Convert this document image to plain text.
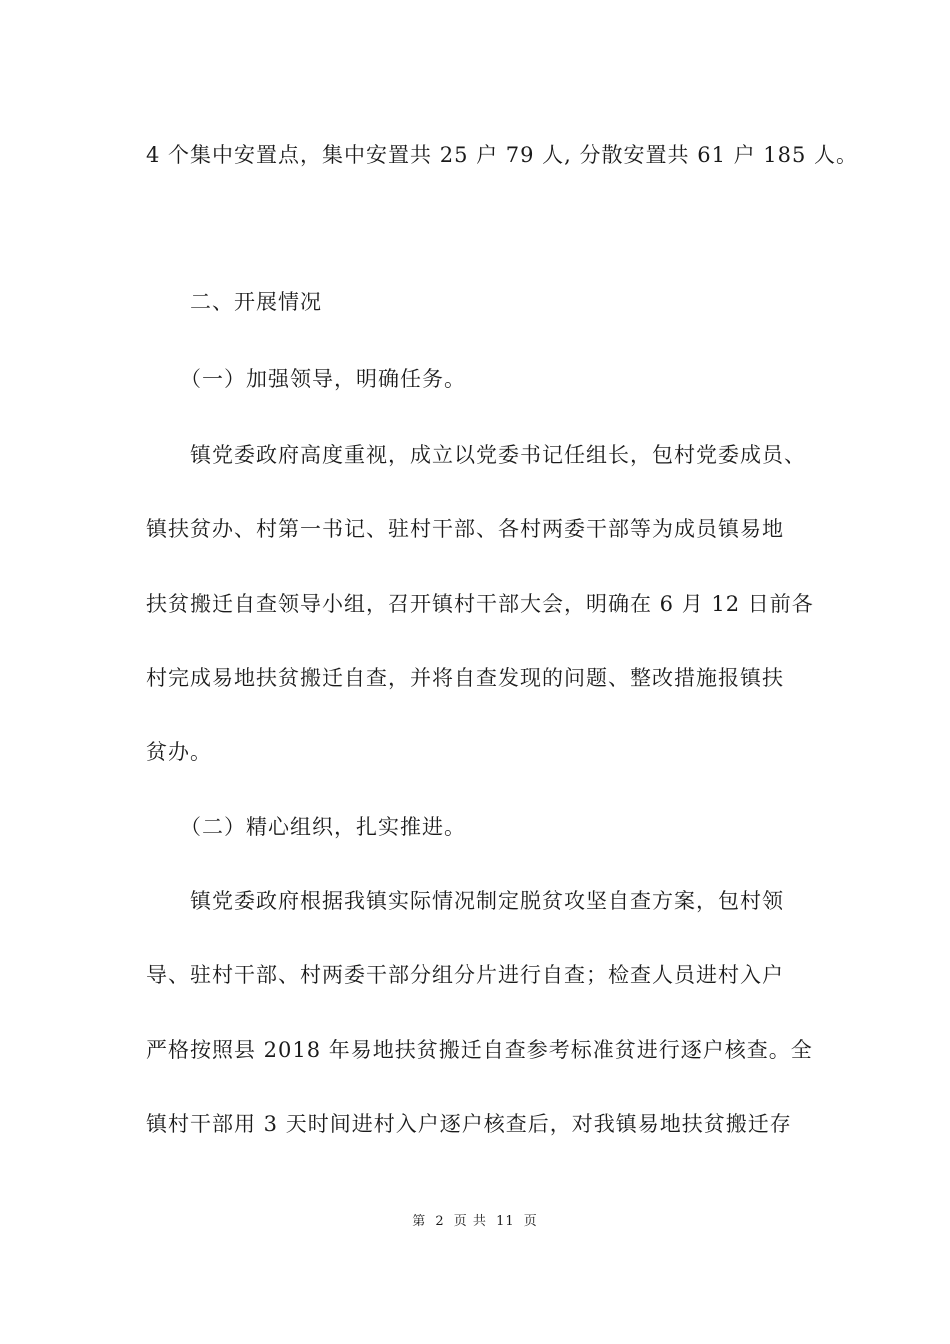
4 个集中安置点，集中安置共 25 户 79 人, 分散安置共 61 户 185 人。
二、开展情况
（一）加强领导，明确任务。
镇党委政府高度重视，成立以党委书记任组长，包村党委成员、
镇扶贫办、村第一书记、驻村干部、各村两委干部等为成员镇易地
扶贫搬迁自查领导小组，召开镇村干部大会，明确在 6 月 12 日前各
村完成易地扶贫搬迁自查，并将自查发现的问题、整改措施报镇扶
贫办。
（二）精心组织，扎实推进。
镇党委政府根据我镇实际情况制定脱贫攻坚自查方案，包村领
导、驻村干部、村两委干部分组分片进行自查；检查人员进村入户
严格按照县 2018 年易地扶贫搬迁自查参考标准贫进行逐户核查。全
镇村干部用 3 天时间进村入户逐户核查后，对我镇易地扶贫搬迁存
第 2 页 共 11 页
